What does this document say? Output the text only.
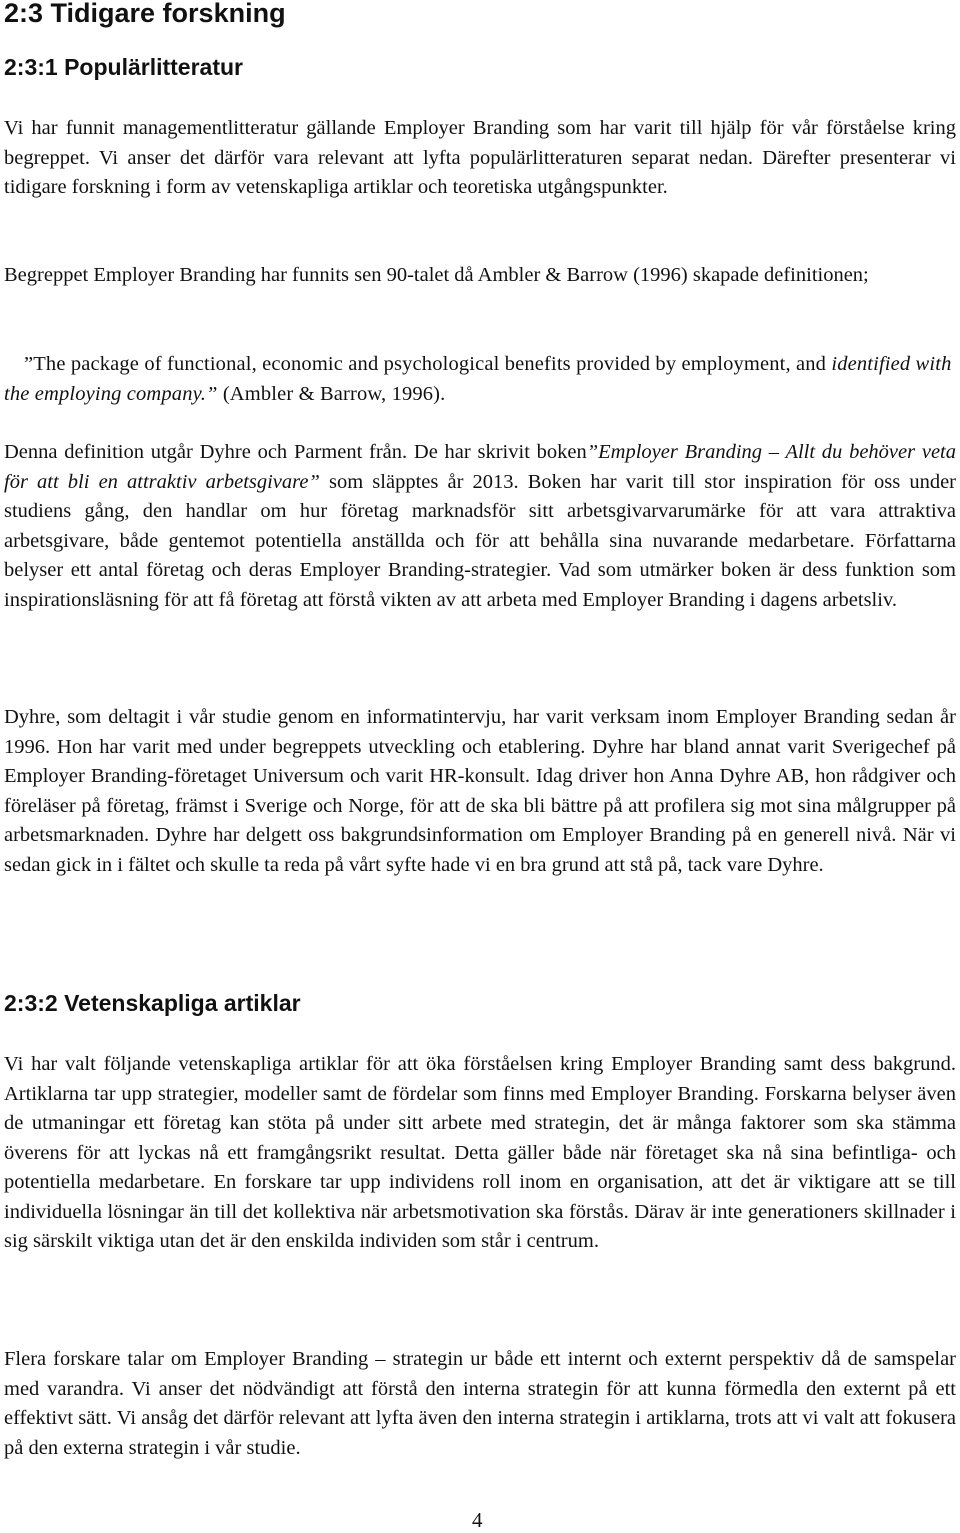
2:3 Tidigare forskning
2:3:1 Populärlitteratur

Vi har funnit managementlitteratur gällande Employer Branding som har varit till hjälp för vår förståelse kring begreppet. Vi anser det därför vara relevant att lyfta populärlitteraturen separat nedan. Därefter presenterar vi tidigare forskning i form av vetenskapliga artiklar och teoretiska utgångspunkter.

Begreppet Employer Branding har funnits sen 90-talet då Ambler & Barrow (1996) skapade definitionen;

”The package of functional, economic and psychological benefits provided by employment, and identified with the employing company.” (Ambler & Barrow, 1996).

Denna definition utgår Dyhre och Parment från. De har skrivit boken”Employer Branding – Allt du behöver veta för att bli en attraktiv arbetsgivare” som släpptes år 2013. Boken har varit till stor inspiration för oss under studiens gång, den handlar om hur företag marknadsför sitt arbetsgivarvarumärke för att vara attraktiva arbetsgivare, både gentemot potentiella anställda och för att behålla sina nuvarande medarbetare. Författarna belyser ett antal företag och deras Employer Branding-strategier. Vad som utmärker boken är dess funktion som inspirationsläsning för att få företag att förstå vikten av att arbeta med Employer Branding i dagens arbetsliv.

Dyhre, som deltagit i vår studie genom en informatintervju, har varit verksam inom Employer Branding sedan år 1996. Hon har varit med under begreppets utveckling och etablering. Dyhre har bland annat varit Sverigechef på Employer Branding-företaget Universum och varit HR-konsult. Idag driver hon Anna Dyhre AB, hon rådgiver och föreläser på företag, främst i Sverige och Norge, för att de ska bli bättre på att profilera sig mot sina målgrupper på arbetsmarknaden. Dyhre har delgett oss bakgrundsinformation om Employer Branding på en generell nivå. När vi sedan gick in i fältet och skulle ta reda på vårt syfte hade vi en bra grund att stå på, tack vare Dyhre.

2:3:2 Vetenskapliga artiklar

Vi har valt följande vetenskapliga artiklar för att öka förståelsen kring Employer Branding samt dess bakgrund. Artiklarna tar upp strategier, modeller samt de fördelar som finns med Employer Branding. Forskarna belyser även de utmaningar ett företag kan stöta på under sitt arbete med strategin, det är många faktorer som ska stämma överens för att lyckas nå ett framgångsrikt resultat. Detta gäller både när företaget ska nå sina befintliga- och potentiella medarbetare. En forskare tar upp individens roll inom en organisation, att det är viktigare att se till individuella lösningar än till det kollektiva när arbetsmotivation ska förstås. Därav är inte generationers skillnader i sig särskilt viktiga utan det är den enskilda individen som står i centrum.

Flera forskare talar om Employer Branding – strategin ur både ett internt och externt perspektiv då de samspelar med varandra. Vi anser det nödvändigt att förstå den interna strategin för att kunna förmedla den externt på ett effektivt sätt. Vi ansåg det därför relevant att lyfta även den interna strategin i artiklarna, trots att vi valt att fokusera på den externa strategin i vår studie.

4
